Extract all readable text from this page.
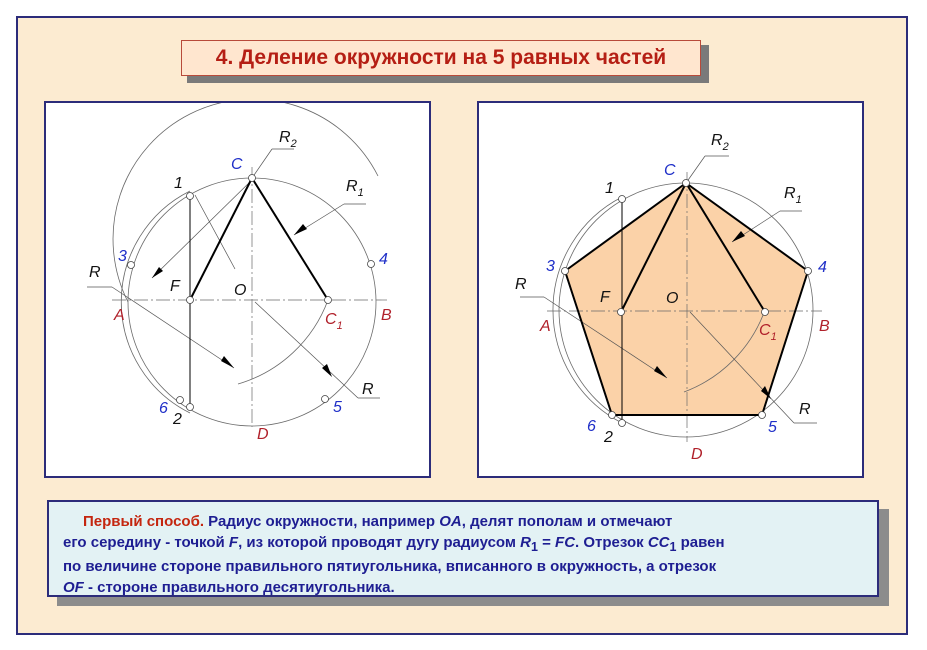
4. Деление окружности на 5 равных частей
C
$R_2$
$R_1$
1
3	4
R
F	O
A	B
$C_1$
R
6
2
5
D
C
$R_2$
$R_1$
1
3	4
R
F	O
A	B
$C_1$
R
6
2
5
D
Первый способ. Радиус окружности, например OA, делят пополам и отмечают
его середину - точкой F, из которой проводят дугу радиусом $R_1$ = FC. Отрезок $CC_1$ равен
по величине стороне правильного пятиугольника, вписанного в окружность, а отрезок
OF - стороне правильного десятиугольника.
